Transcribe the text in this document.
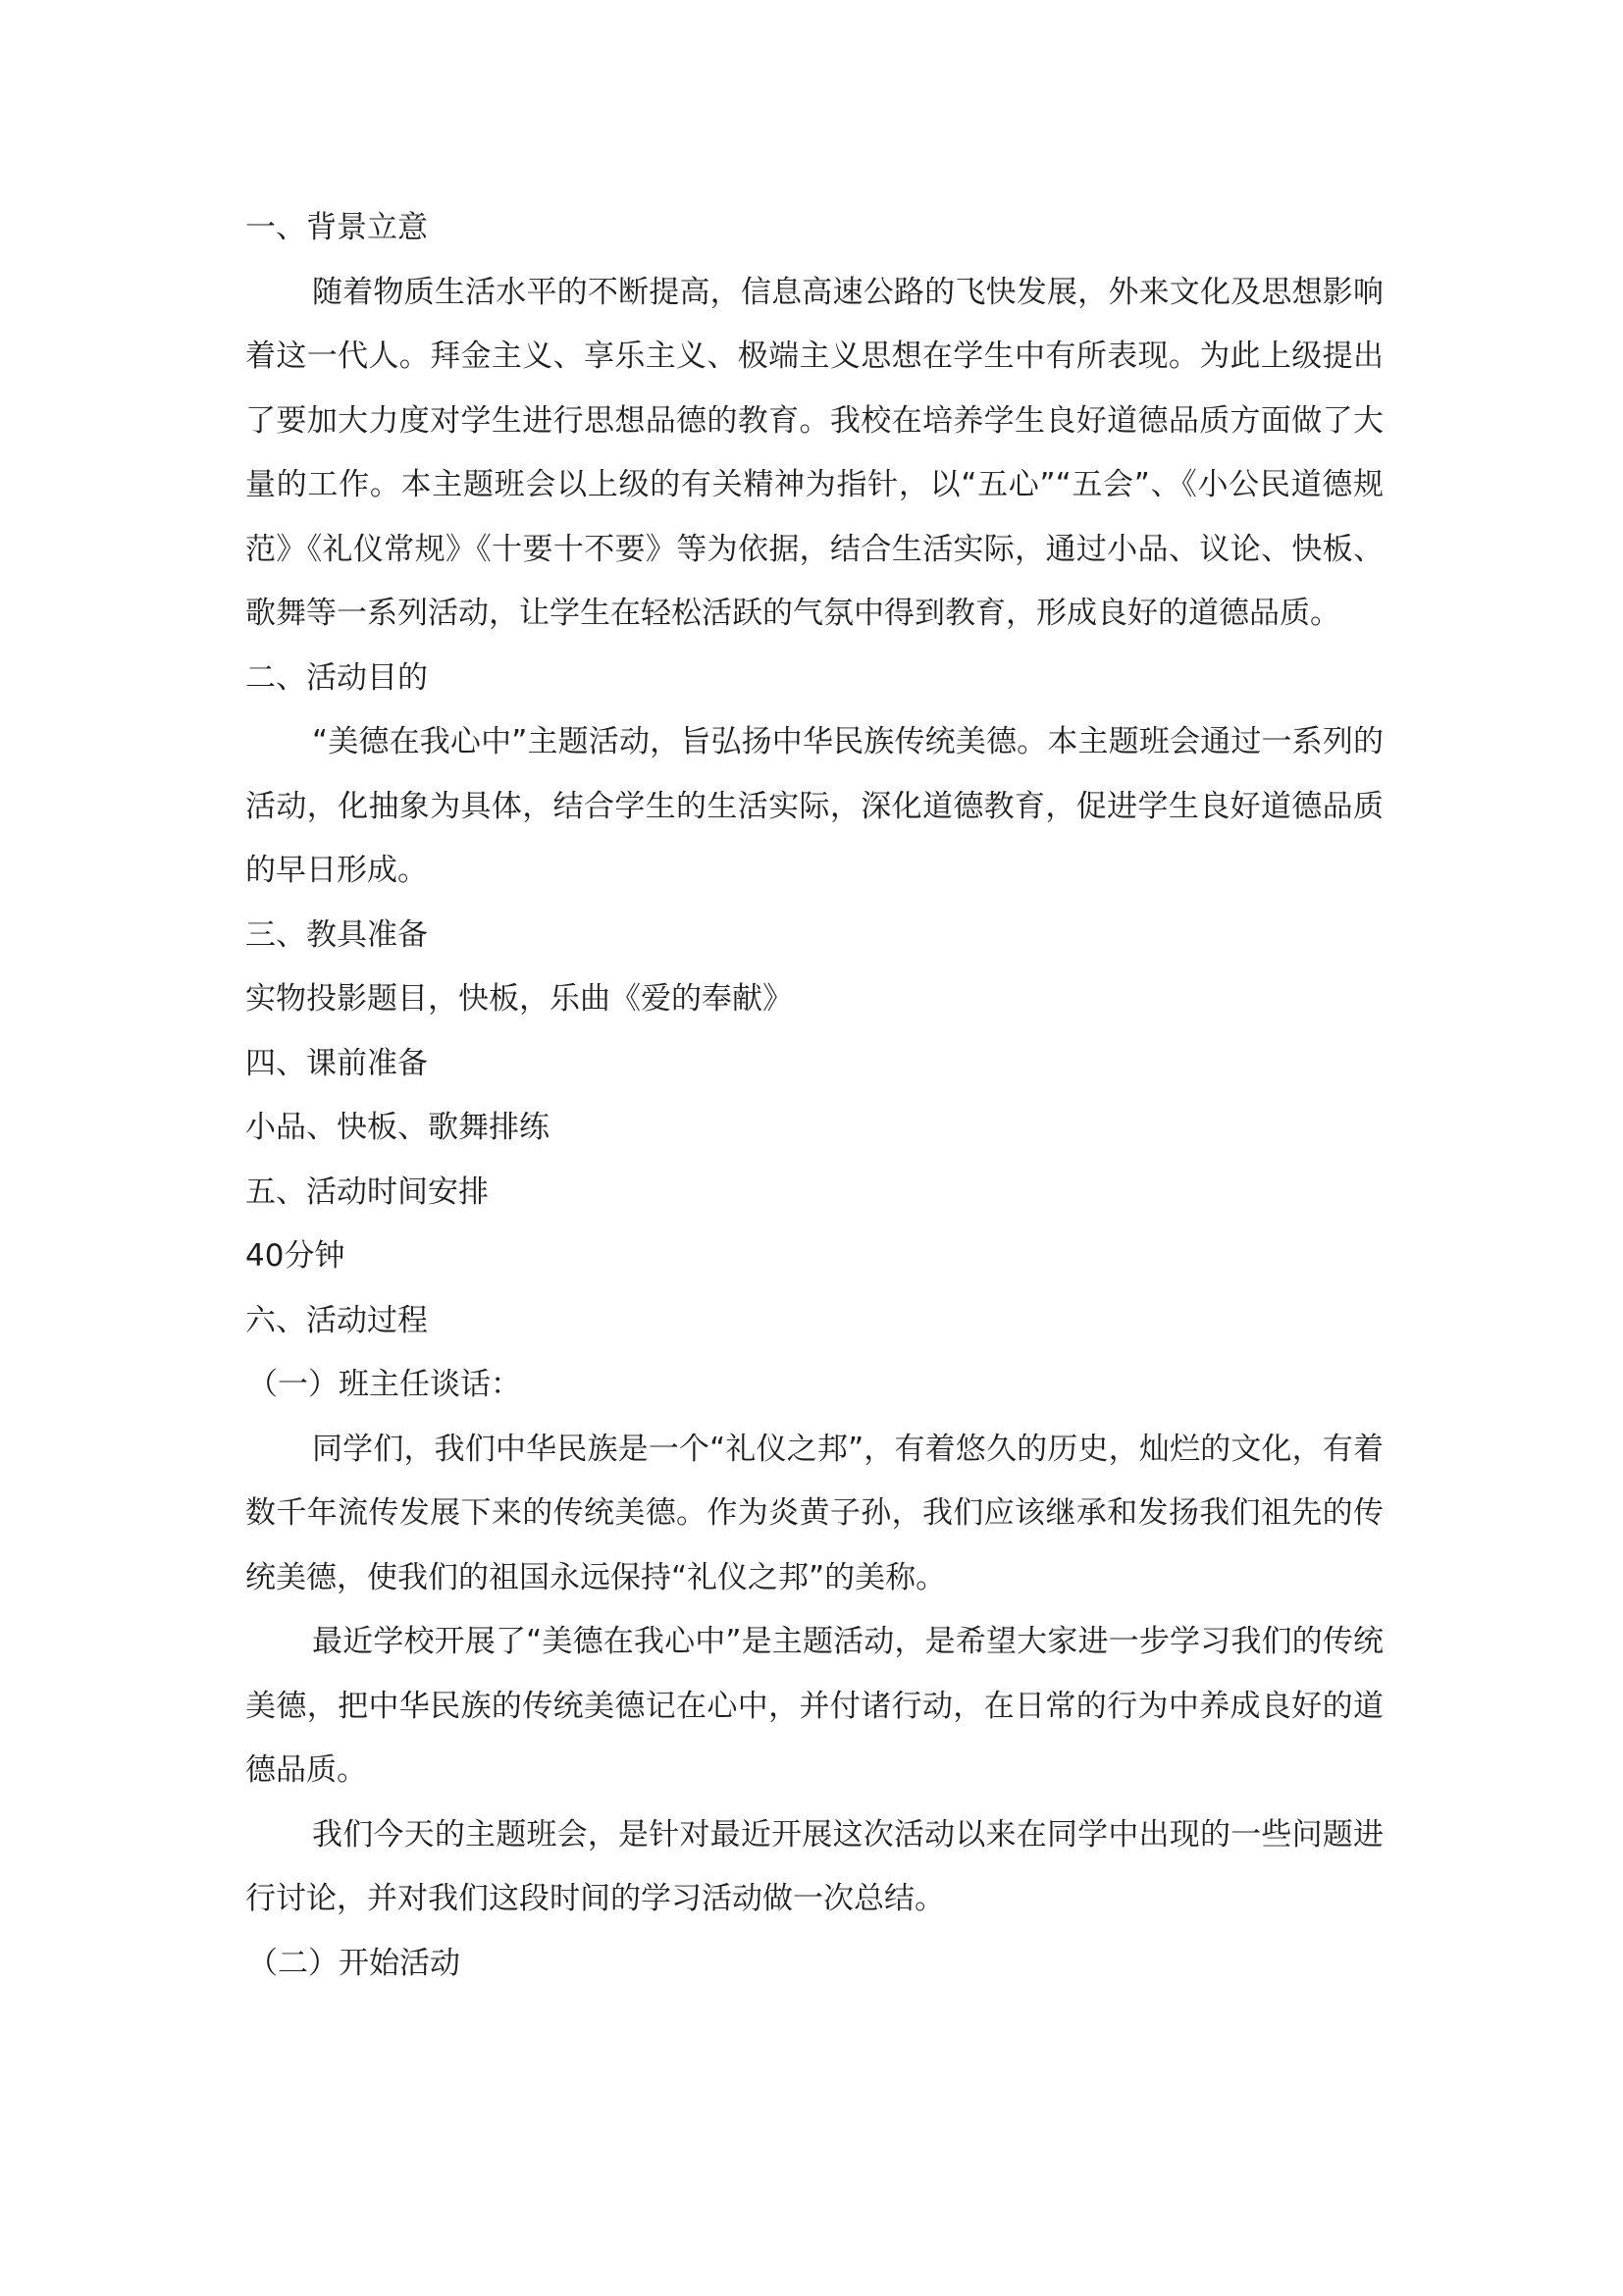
一、背景立意

随着物质生活水平的不断提高，信息高速公路的飞快发展，外来文化及思想影响着这一代人。拜金主义、享乐主义、极端主义思想在学生中有所表现。为此上级提出了要加大力度对学生进行思想品德的教育。我校在培养学生良好道德品质方面做了大量的工作。本主题班会以上级的有关精神为指针，以“五心”“五会”、《小公民道德规范》《礼仪常规》《十要十不要》等为依据，结合生活实际，通过小品、议论、快板、歌舞等一系列活动，让学生在轻松活跃的气氛中得到教育，形成良好的道德品质。

二、活动目的

“美德在我心中”主题活动，旨弘扬中华民族传统美德。本主题班会通过一系列的活动，化抽象为具体，结合学生的生活实际，深化道德教育，促进学生良好道德品质的早日形成。

三、教具准备

实物投影题目，快板，乐曲《爱的奉献》

四、课前准备

小品、快板、歌舞排练

五、活动时间安排

40分钟

六、活动过程

（一）班主任谈话：

同学们，我们中华民族是一个“礼仪之邦”，有着悠久的历史，灿烂的文化，有着数千年流传发展下来的传统美德。作为炎黄子孙，我们应该继承和发扬我们祖先的传统美德，使我们的祖国永远保持“礼仪之邦”的美称。

最近学校开展了“美德在我心中”是主题活动，是希望大家进一步学习我们的传统美德，把中华民族的传统美德记在心中，并付诸行动，在日常的行为中养成良好的道德品质。

我们今天的主题班会，是针对最近开展这次活动以来在同学中出现的一些问题进行讨论，并对我们这段时间的学习活动做一次总结。

（二）开始活动
